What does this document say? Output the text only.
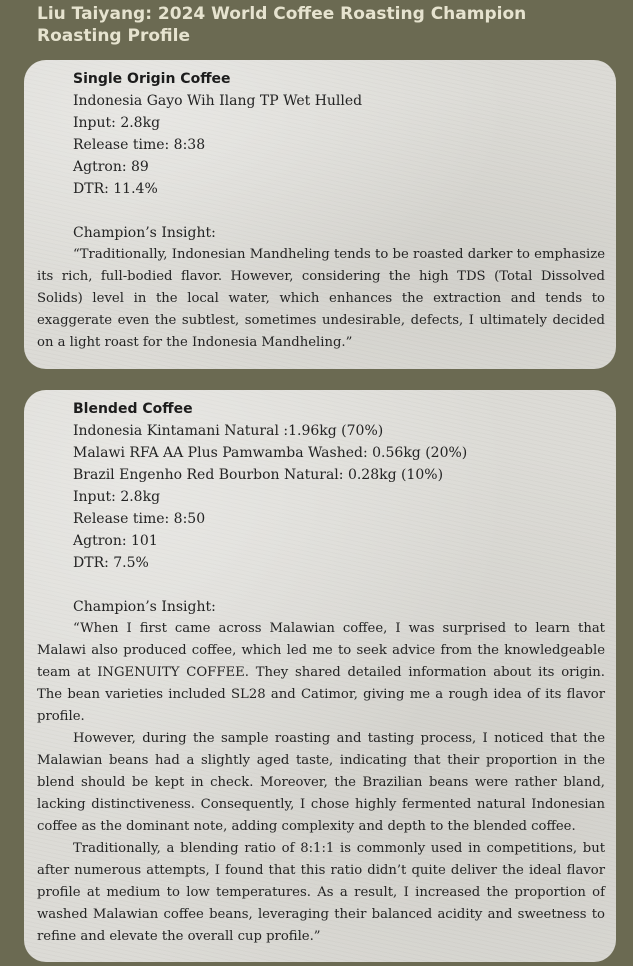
Liu Taiyang: 2024 World Coffee Roasting Champion
Roasting Profile
Single Origin Coffee
Indonesia Gayo Wih Ilang TP Wet Hulled
Input: 2.8kg
Release time: 8:38
Agtron: 89
DTR: 11.4%
Champion’s Insight:

“Traditionally, Indonesian Mandheling tends to be roasted darker to emphasize its rich, full-bodied flavor. However, considering the high TDS (Total Dissolved Solids) level in the local water, which enhances the extraction and tends to exaggerate even the subtlest, sometimes undesirable, defects, I ultimately decided on a light roast for the Indonesia Mandheling.”

Blended Coffee
Indonesia Kintamani Natural :1.96kg (70%)
Malawi RFA AA Plus Pamwamba Washed: 0.56kg (20%)
Brazil Engenho Red Bourbon Natural: 0.28kg (10%)
Input: 2.8kg
Release time: 8:50
Agtron: 101
DTR: 7.5%
Champion’s Insight:

“When I first came across Malawian coffee, I was surprised to learn that Malawi also produced coffee, which led me to seek advice from the knowledgeable team at INGENUITY COFFEE. They shared detailed information about its origin. The bean varieties included SL28 and Catimor, giving me a rough idea of its flavor profile.

However, during the sample roasting and tasting process, I noticed that the Malawian beans had a slightly aged taste, indicating that their proportion in the blend should be kept in check. Moreover, the Brazilian beans were rather bland, lacking distinctiveness. Consequently, I chose highly fermented natural Indonesian coffee as the dominant note, adding complexity and depth to the blended coffee.

Traditionally, a blending ratio of 8:1:1 is commonly used in competitions, but after numerous attempts, I found that this ratio didn’t quite deliver the ideal flavor profile at medium to low temperatures. As a result, I increased the proportion of washed Malawian coffee beans, leveraging their balanced acidity and sweetness to refine and elevate the overall cup profile.”
